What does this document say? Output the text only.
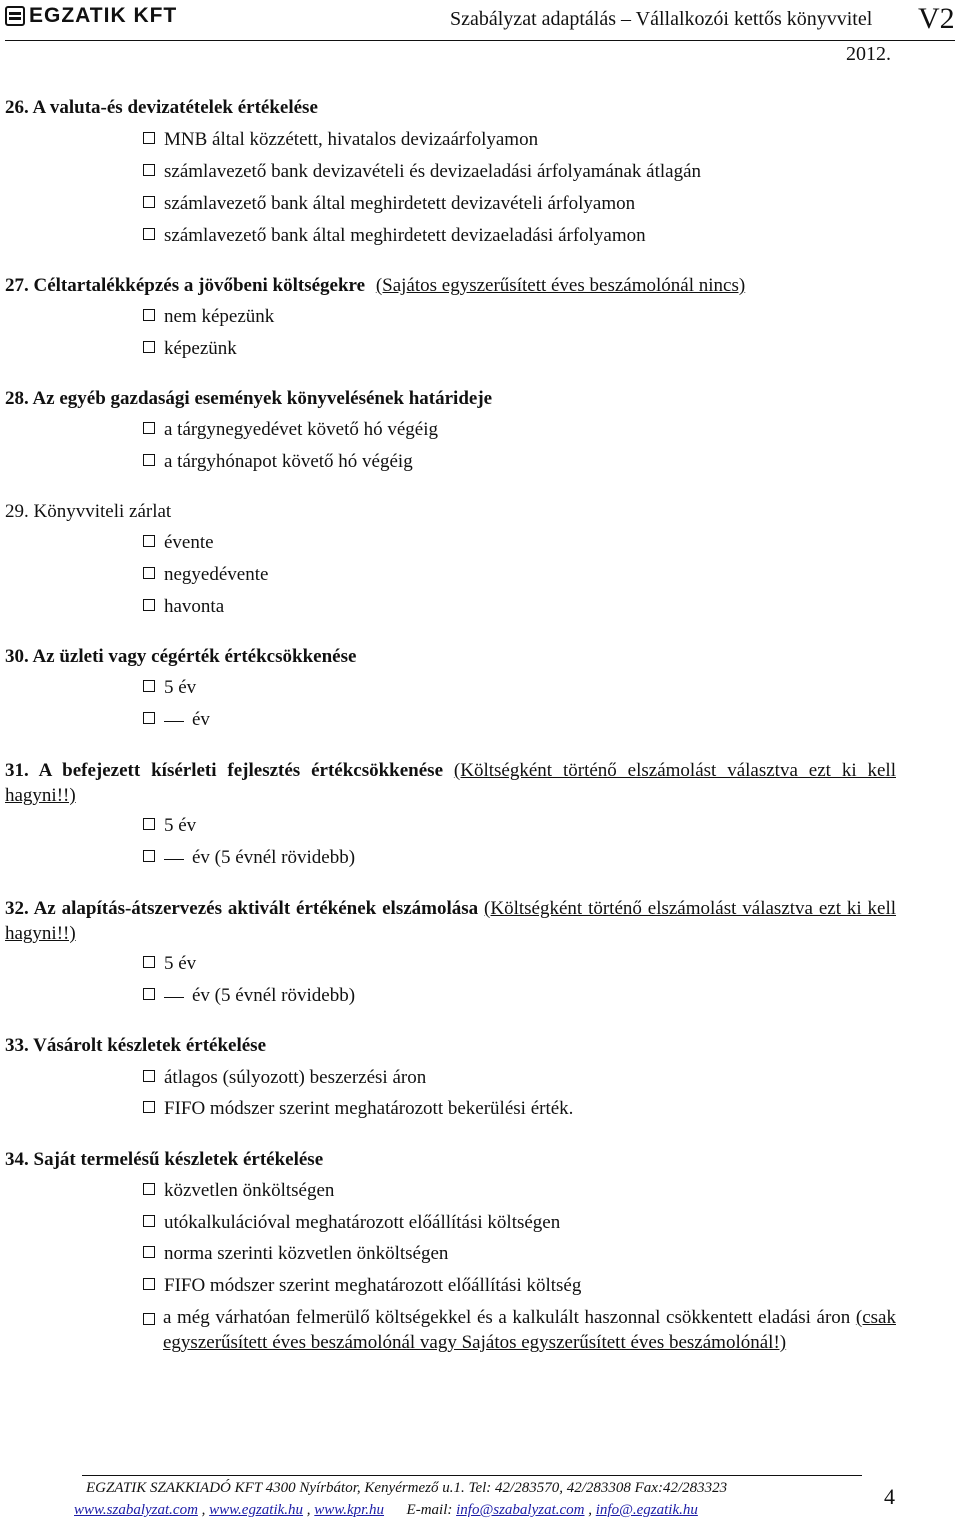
EGZATIK KFT	Szabályzat adaptálás – Vállalkozói kettős könyvvitel V2
2012.
26. A valuta-és devizatételek értékelése
MNB által közzétett, hivatalos devizaárfolyamon
számlavezető bank devizavételi és devizaeladási árfolyamának átlagán
számlavezető bank által meghirdetett devizavételi árfolyamon
számlavezető bank által meghirdetett devizaeladási árfolyamon
27. Céltartalékképzés a jövőbeni költségekre (Sajátos egyszerűsített éves beszámolónál nincs)
nem képezünk
képezünk
28. Az egyéb gazdasági események könyvelésének határideje
a tárgynegyedévet követő hó végéig
a tárgyhónapot követő hó végéig
29. Könyvviteli zárlat
évente
negyedévente
havonta
30. Az üzleti vagy cégérték értékcsökkenése
5 év
év
31. A befejezett kísérleti fejlesztés értékcsökkenése (Költségként történő elszámolást választva ezt ki kell hagyni!!)
5 év
év (5 évnél rövidebb)
32. Az alapítás-átszervezés aktivált értékének elszámolása (Költségként történő elszámolást választva ezt ki kell hagyni!!)
5 év
év (5 évnél rövidebb)
33. Vásárolt készletek értékelése
átlagos (súlyozott) beszerzési áron
FIFO módszer szerint meghatározott bekerülési érték.
34. Saját termelésű készletek értékelése
közvetlen önköltségen
utókalkulációval meghatározott előállítási költségen
norma szerinti közvetlen önköltségen
FIFO módszer szerint meghatározott előállítási költség
a még várhatóan felmerülő költségekkel és a kalkulált haszonnal csökkentett eladási áron (csak egyszerűsített éves beszámolónál vagy Sajátos egyszerűsített éves beszámolónál!)
EGZATIK SZAKKIADÓ KFT 4300 Nyírbátor, Kenyérmező u.1. Tel: 42/283570, 42/283308 Fax:42/283323
www.szabalyzat.com , www.egzatik.hu , www.kpr.hu E-mail: info@szabalyzat.com , info@.egzatik.hu
4
